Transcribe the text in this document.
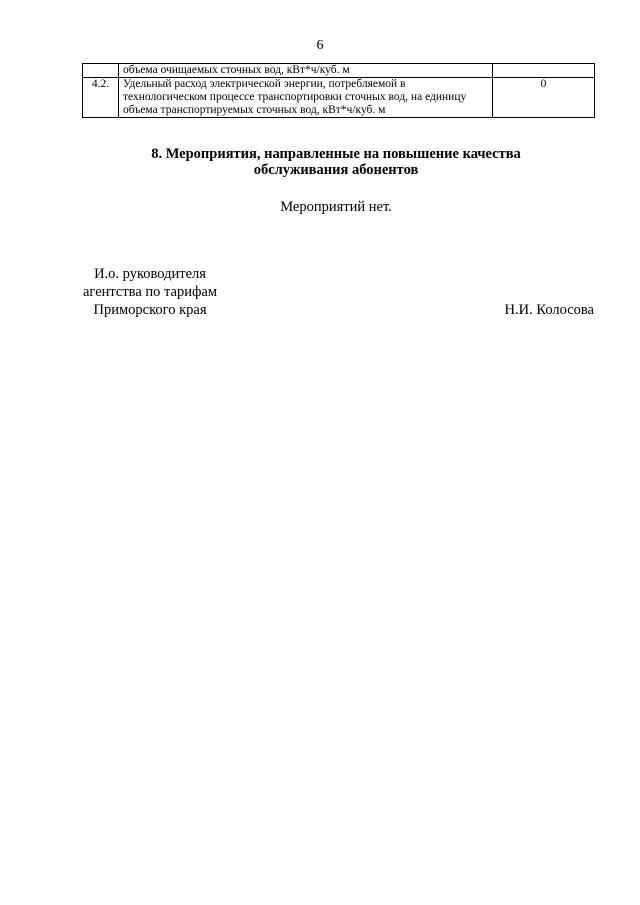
6
	объема очищаемых сточных вод, кВт*ч/куб. м	
4.2.	Удельный расход электрической энергии, потребляемой в технологическом процессе транспортировки сточных вод, на единицу объема транспортируемых сточных вод, кВт*ч/куб. м	0
8. Мероприятия, направленные на повышение качества
обслуживания абонентов
Мероприятий нет.
И.о. руководителя
агентства по тарифам
Приморского края	Н.И. Колосова
